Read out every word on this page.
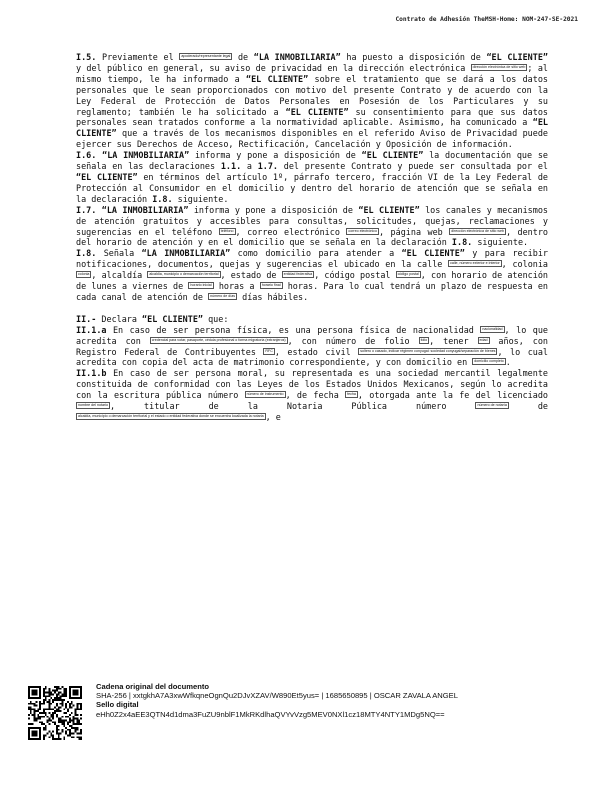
Contrato de Adhesión TheMSH-Home: NOM-247-SE-2021

I.5. Previamente el apoderado/representante legal de “LA INMOBILIARIA” ha puesto a disposición de “EL CLIENTE” y del público en general, su aviso de privacidad en la dirección electrónica dirección electrónica de sitio web ; al mismo tiempo, le ha informado a “EL CLIENTE” sobre el tratamiento que se dará a los datos personales que le sean proporcionados con motivo del presente Contrato y de acuerdo con la Ley Federal de Protección de Datos Personales en Posesión de los Particulares y su reglamento; también le ha solicitado a “EL CLIENTE” su consentimiento para que sus datos personales sean tratados conforme a la normatividad aplicable. Asimismo, ha comunicado a “EL CLIENTE” que a través de los mecanismos disponibles en el referido Aviso de Privacidad puede ejercer sus Derechos de Acceso, Rectificación, Cancelación y Oposición de información.

I.6. “LA INMOBILIARIA” informa y pone a disposición de “EL CLIENTE” la documentación que se señala en las declaraciones 1.1. a 1.7. del presente Contrato y puede ser consultada por el “EL CLIENTE” en términos del artículo 1º, párrafo tercero, fracción VI de la Ley Federal de Protección al Consumidor en el domicilio y dentro del horario de atención que se señala en la declaración I.8. siguiente.

I.7. “LA INMOBILIARIA” informa y pone a disposición de “EL CLIENTE” los canales y mecanismos de atención gratuitos y accesibles para consultas, solicitudes, quejas, reclamaciones y sugerencias en el teléfono teléfono , correo electrónico correo electrónico , página web dirección electrónica de sitio web , dentro del horario de atención y en el domicilio que se señala en la declaración I.8. siguiente.

I.8. Señala “LA INMOBILIARIA” como domicilio para atender a “EL CLIENTE” y para recibir notificaciones, documentos, quejas y sugerencias el ubicado en la calle calle, número exterior e interior , colonia colonia , alcaldía alcaldía, municipio o demarcación territorial , estado de entidad federativa , código postal código postal , con horario de atención de lunes a viernes de horario inicial horas a horario final horas. Para lo cual tendrá un plazo de respuesta en cada canal de atención de número de días días hábiles.

II.- Declara “EL CLIENTE” que:

II.1.a En caso de ser persona física, es una persona física de nacionalidad nacionalidad , lo que acredita con credencial para votar, pasaporte, cédula profesional o forma migratoria (extranjeros) , con número de folio folio , tener edad años, con Registro Federal de Contribuyentes RFC , estado civil soltero o casado, indicar régimen conyugal: sociedad conyugal/separación de bienes , lo cual acredita con copia del acta de matrimonio correspondiente, y con domicilio en domicilio completo .

II.1.b En caso de ser persona moral, su representada es una sociedad mercantil legalmente constituida de conformidad con las Leyes de los Estados Unidos Mexicanos, según lo acredita con la escritura pública número número de instrumento , de fecha fecha , otorgada ante la fe del licenciado nombre del notario , titular de la Notaria Pública número número de notaría de alcaldía, municipio o demarcación territorial y el estado o entidad federativa donde se encuentra localizada la notaria , e

Cadena original del documento
SHA-256 | xxtgkhA7A3xwWfkqneOgnQu2DJvXZAV/W890Et5yus= | 1685650895 | OSCAR ZAVALA ANGEL
Sello digital
eHh0Z2x4aEE3QTN4d1dma3FuZU9nblF1MkRKdlhaQVYvVzg5MEV0NXl1cz18MTY4NTY1MDg5NQ==
